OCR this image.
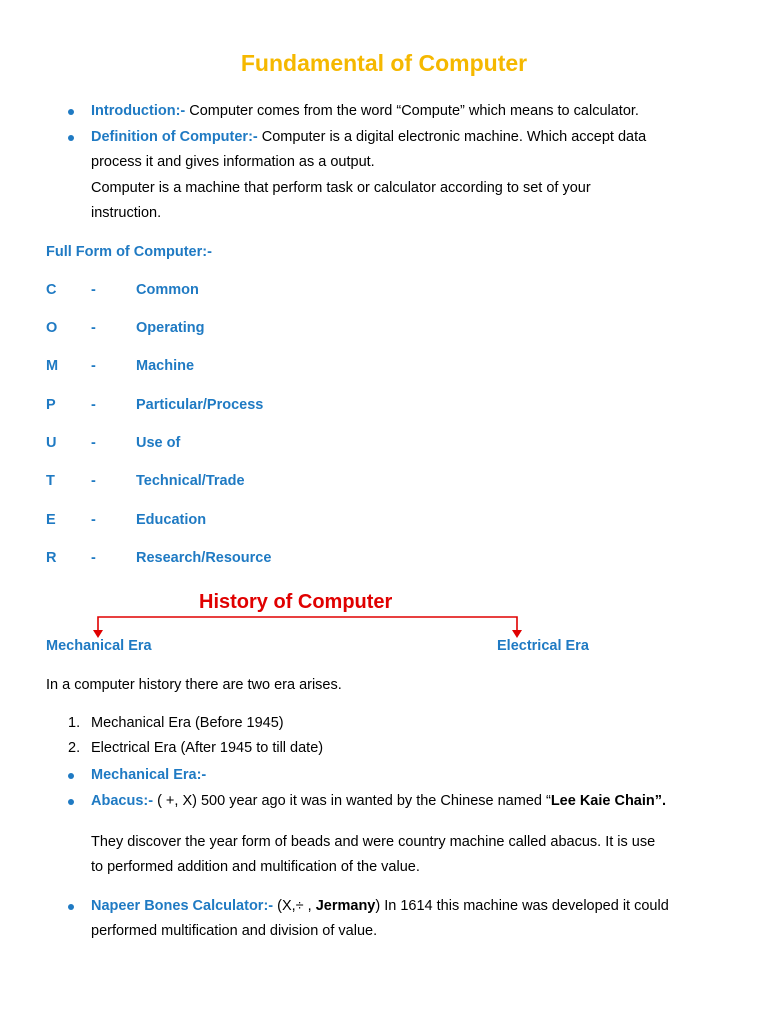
Fundamental of Computer
Introduction:- Computer comes from the word “Compute” which means to calculator.
Definition of Computer:- Computer is a digital electronic machine. Which accept data
process it and gives information as a output.
Computer is a machine that perform task or calculator according to set of your
instruction.
Full Form of Computer:-
C -	Common
O -	Operating
M -	Machine
P -	Particular/Process
U -	Use of
T -	Technical/Trade
E -	Education
R -	Research/Resource
History of Computer
Mechanical Era	Electrical Era
In a computer history there are two era arises.
1. Mechanical Era (Before 1945)
2. Electrical Era (After 1945 to till date)
Mechanical Era:-
Abacus:- ( +, X) 500 year ago it was in wanted by the Chinese named “Lee Kaie Chain”.
They discover the year form of beads and were country machine called abacus. It is use
to performed addition and multification of the value.
Napeer Bones Calculator:- (X,÷ , Jermany) In 1614 this machine was developed it could
performed multification and division of value.
